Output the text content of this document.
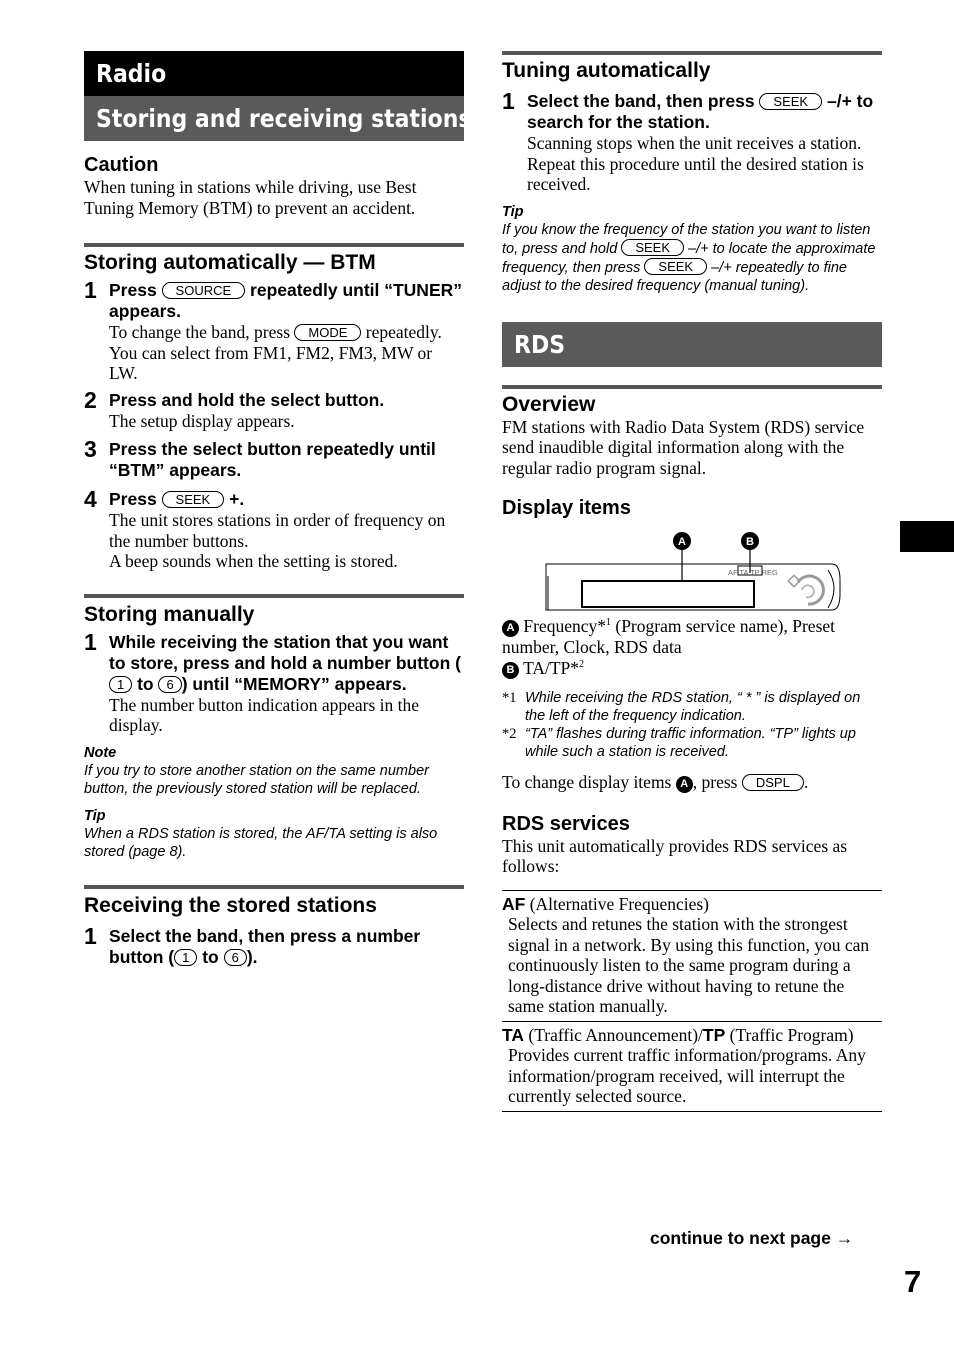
Radio
Storing and receiving stations
Caution
When tuning in stations while driving, use Best Tuning Memory (BTM) to prevent an accident.
Storing automatically — BTM
1 Press SOURCE repeatedly until “TUNER” appears.
To change the band, press MODE repeatedly. You can select from FM1, FM2, FM3, MW or LW.
2 Press and hold the select button.
The setup display appears.
3 Press the select button repeatedly until “BTM” appears.
4 Press SEEK +.
The unit stores stations in order of frequency on the number buttons.
A beep sounds when the setting is stored.
Storing manually
1 While receiving the station that you want to store, press and hold a number button (1 to 6 ) until “MEMORY” appears.
The number button indication appears in the display.
Note
If you try to store another station on the same number button, the previously stored station will be replaced.
Tip
When a RDS station is stored, the AF/TA setting is also stored (page 8).
Receiving the stored stations
1 Select the band, then press a number button ( 1 to 6 ).
Tuning automatically
1 Select the band, then press SEEK –/+ to search for the station.
Scanning stops when the unit receives a station. Repeat this procedure until the desired station is received.
Tip
If you know the frequency of the station you want to listen to, press and hold SEEK –/+ to locate the approximate frequency, then press SEEK –/+ repeatedly to fine adjust to the desired frequency (manual tuning).
RDS
Overview
FM stations with Radio Data System (RDS) service send inaudible digital information along with the regular radio program signal.
Display items
A	B
AF TA TP REG
A Frequency*$^1$ (Program service name), Preset number, Clock, RDS data
B TA/TP*$^2$
*1 While receiving the RDS station, “ * ” is displayed on the left of the frequency indication.
*2 “TA” flashes during traffic information. “TP” lights up while such a station is received.
To change display items A , press DSPL .
RDS services
This unit automatically provides RDS services as follows:
AF (Alternative Frequencies)
Selects and retunes the station with the strongest signal in a network. By using this function, you can continuously listen to the same program during a long-distance drive without having to retune the same station manually.
TA (Traffic Announcement)/TP (Traffic Program)
Provides current traffic information/programs. Any information/program received, will interrupt the currently selected source.
continue to next page →
7
